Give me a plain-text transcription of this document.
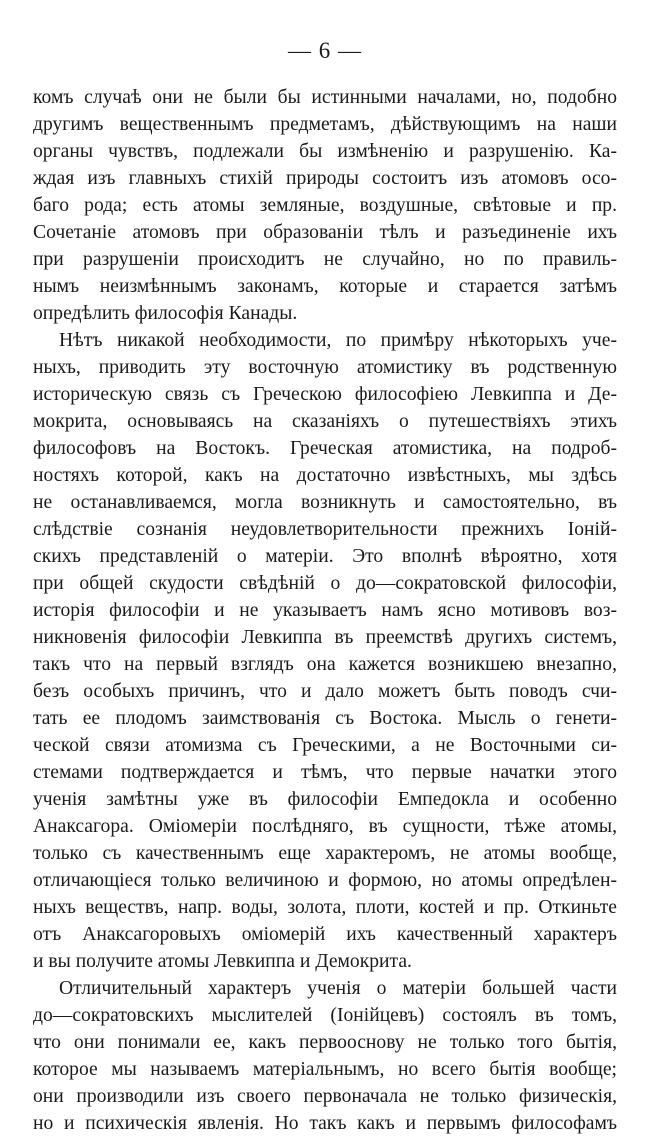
— 6 —
комъ случаѣ они не были бы истинными началами, но, подобно
другимъ вещественнымъ предметамъ, дѣйствующимъ на наши
органы чувствъ, подлежали бы измѣненію и разрушенію. Ка-
ждая изъ главныхъ стихій природы состоитъ изъ атомовъ осо-
баго рода; есть атомы земляные, воздушные, свѣтовые и пр.
Сочетаніе атомовъ при образованіи тѣлъ и разъединеніе ихъ
при разрушеніи происходитъ не случайно, но по правиль-
нымъ неизмѣннымъ законамъ, которые и старается затѣмъ
опредѣлить философія Канады.
Нѣтъ никакой необходимости, по примѣру нѣкоторыхъ уче-
ныхъ, приводить эту восточную атомистику въ родственную
историческую связь съ Греческою философіею Левкиппа и Де-
мокрита, основываясь на сказаніяхъ о путешествіяхъ этихъ
философовъ на Востокъ. Греческая атомистика, на подроб-
ностяхъ которой, какъ на достаточно извѣстныхъ, мы здѣсь
не останавливаемся, могла возникнуть и самостоятельно, въ
слѣдствіе сознанія неудовлетворительности прежнихъ Іоній-
скихъ представленій о матеріи. Это вполнѣ вѣроятно, хотя
при общей скудости свѣдѣній о до—сократовской философіи,
исторія философіи и не указываетъ намъ ясно мотивовъ воз-
никновенія философіи Левкиппа въ преемствѣ другихъ системъ,
такъ что на первый взглядъ она кажется возникшею внезапно,
безъ особыхъ причинъ, что и дало можетъ быть поводъ счи-
тать ее плодомъ заимствованія съ Востока. Мысль о генети-
ческой связи атомизма съ Греческими, а не Восточными си-
стемами подтверждается и тѣмъ, что первые начатки этого
ученія замѣтны уже въ философіи Емпедокла и особенно
Анаксагора. Оміомеріи послѣдняго, въ сущности, тѣже атомы,
только съ качественнымъ еще характеромъ, не атомы вообще,
отличающіеся только величиною и формою, но атомы опредѣлен-
ныхъ веществъ, напр. воды, золота, плоти, костей и пр. Откиньте
отъ Анаксагоровыхъ оміомерій ихъ качественный характеръ
и вы получите атомы Левкиппа и Демокрита.
Отличительный характеръ ученія о матеріи большей части
до—сократовскихъ мыслителей (Іонійцевъ) состоялъ въ томъ,
что они понимали ее, какъ первооснову не только того бытія,
которое мы называемъ матеріальнымъ, но всего бытія вообще;
они производили изъ своего первоначала не только физическія,
но и психическія явленія. Но такъ какъ и первымъ философамъ
